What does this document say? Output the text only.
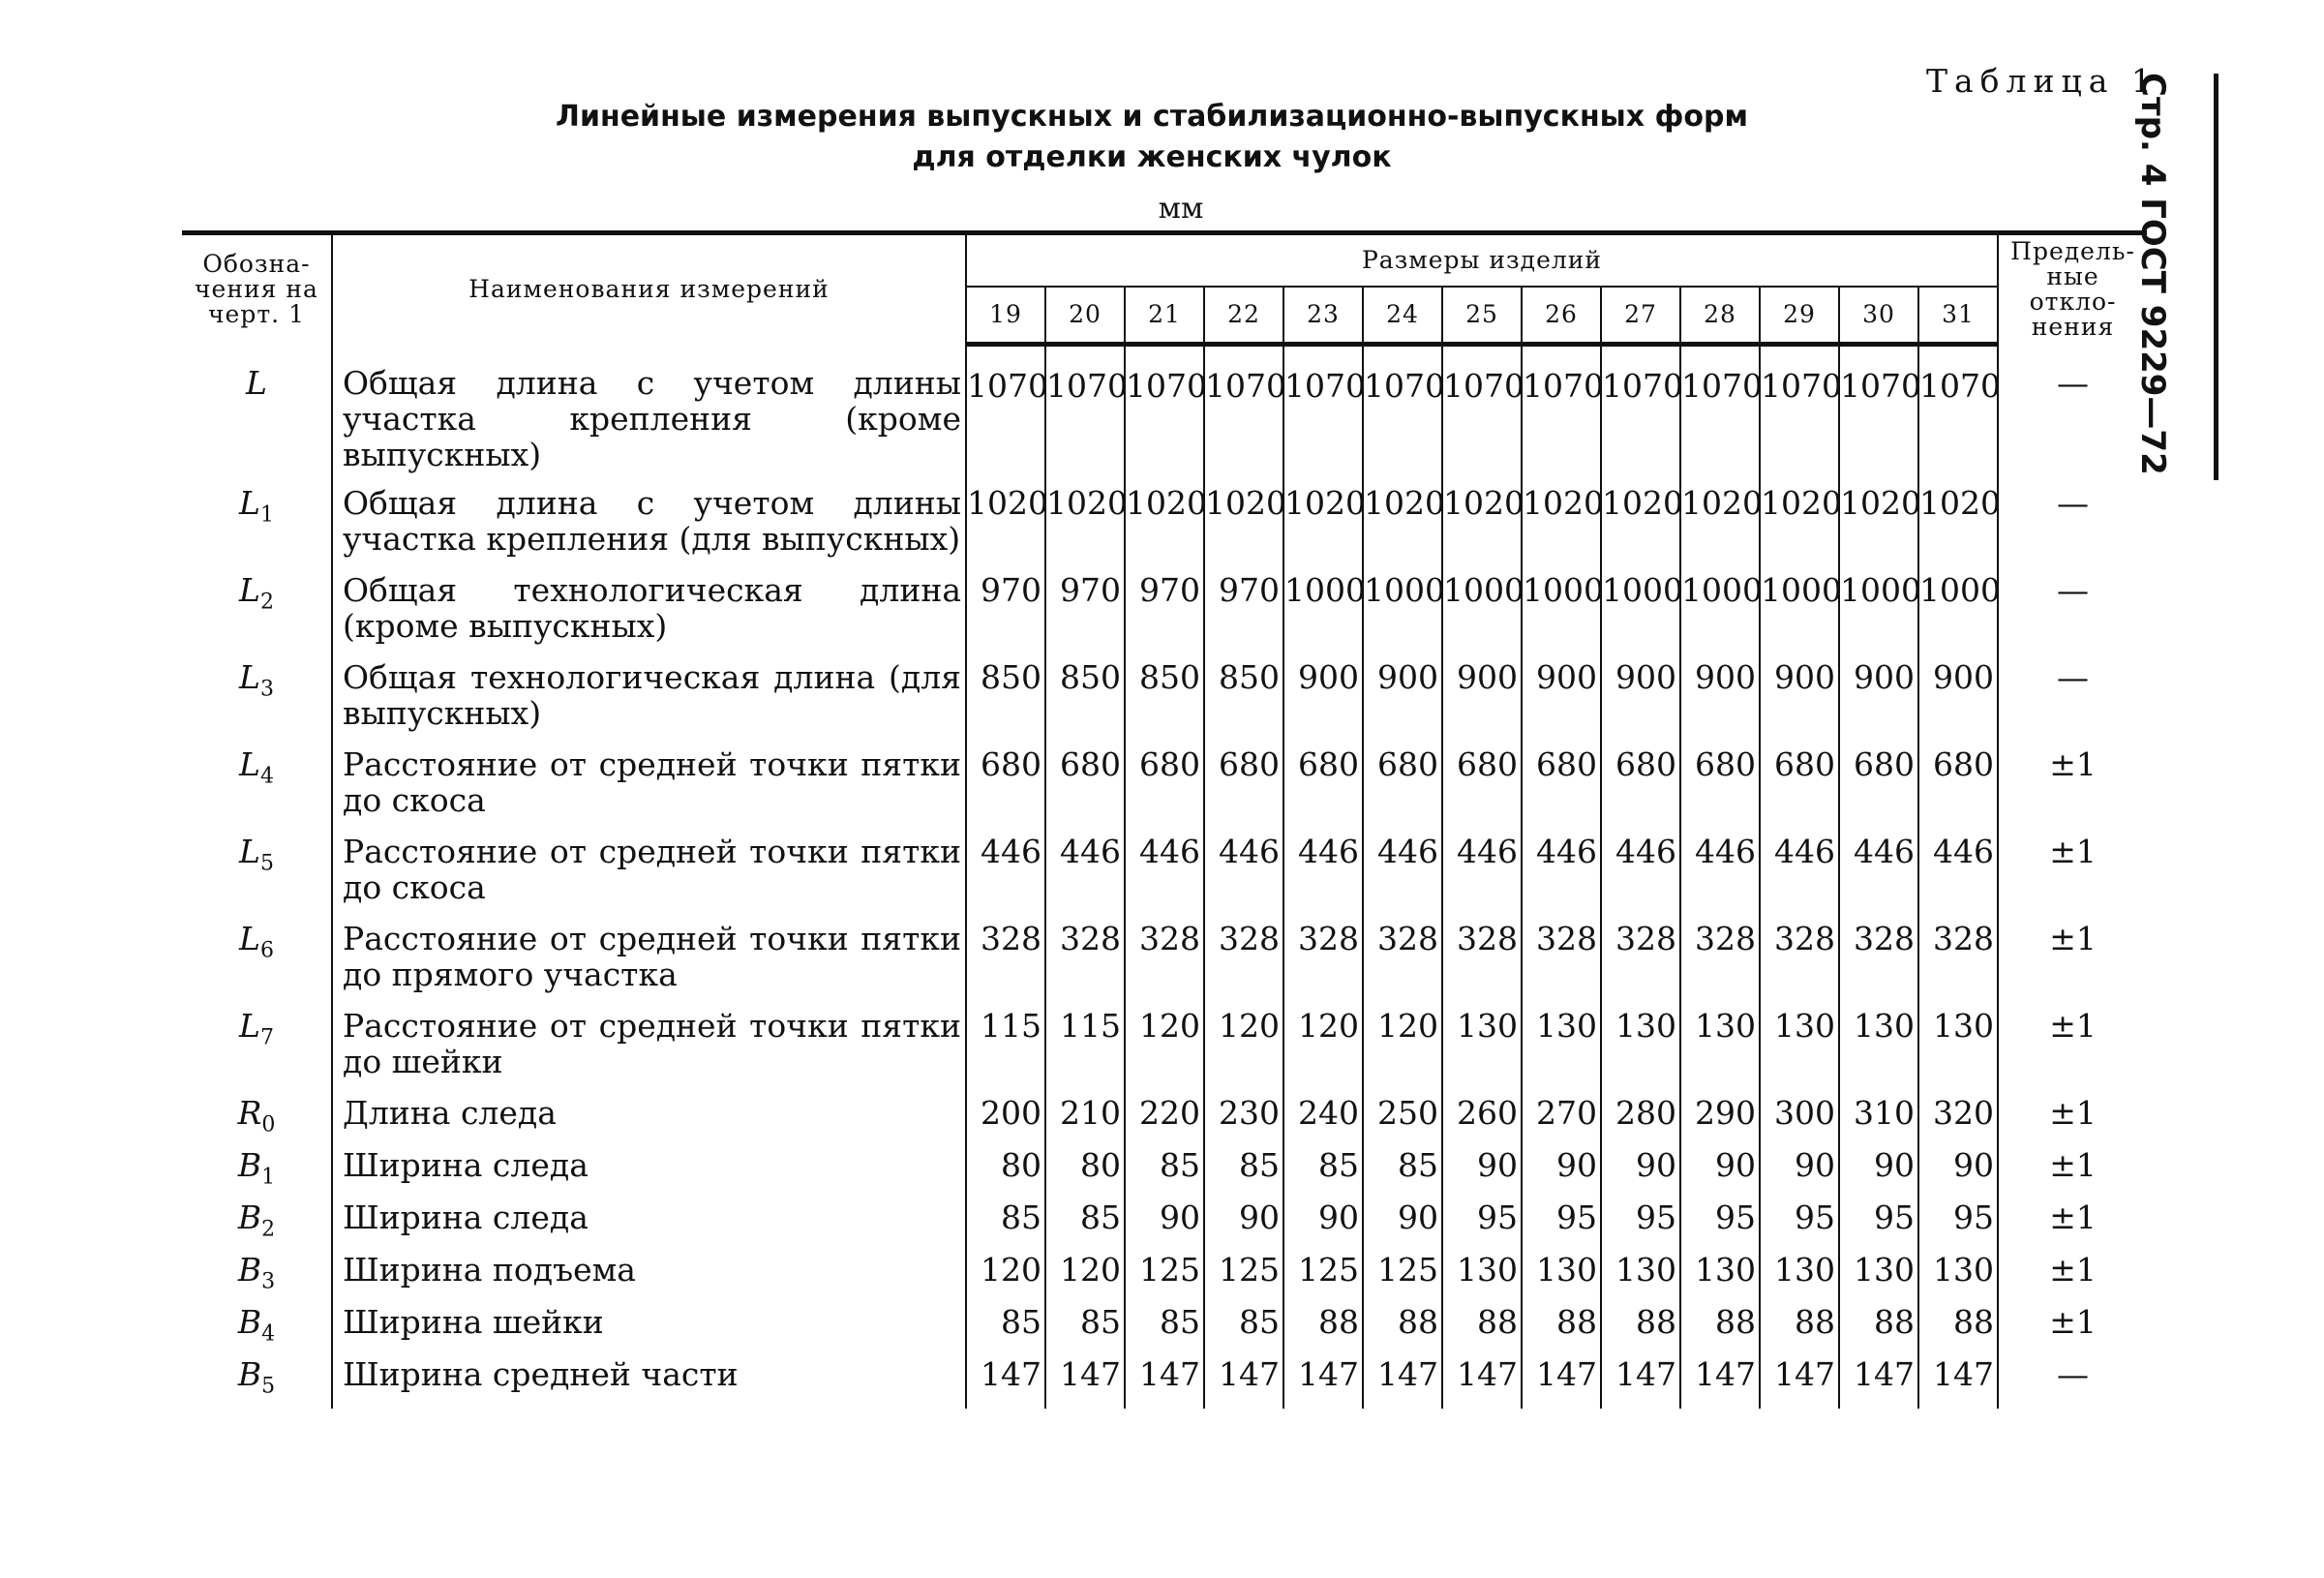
Таблица 1
Линейные измерения выпускных и стабилизационно-выпускных форм
для отделки женских чулок
мм	Стр. 4 ГОСТ 9229—72
Обозна-чения на черт. 1	Наименования измерений	Размеры изделий													Предель-ные откло-нения
		19	20	21	22	23	24	25	26	27	28	29	30	31	
L	Общая длина с учетом длины участка крепления (кроме выпускных)	1070	1070	1070	1070	1070	1070	1070	1070	1070	1070	1070	1070	1070	—
$L_1$	Общая длина с учетом длины участка крепления (для выпускных)	1020	1020	1020	1020	1020	1020	1020	1020	1020	1020	1020	1020	1020	—
$L_2$	Общая технологическая длина (кроме выпускных)	970	970	970	970	1000	1000	1000	1000	1000	1000	1000	1000	1000	—
$L_3$	Общая технологическая длина (для выпускных)	850	850	850	850	900	900	900	900	900	900	900	900	900	—
$L_4$	Расстояние от средней точки пятки до скоса	680	680	680	680	680	680	680	680	680	680	680	680	680	±1
$L_5$	Расстояние от средней точки пятки до скоса	446	446	446	446	446	446	446	446	446	446	446	446	446	±1
$L_6$	Расстояние от средней точки пятки до прямого участка	328	328	328	328	328	328	328	328	328	328	328	328	328	±1
$L_7$	Расстояние от средней точки пятки до шейки	115	115	120	120	120	120	130	130	130	130	130	130	130	±1
$R_0$	Длина следа	200	210	220	230	240	250	260	270	280	290	300	310	320	±1
$B_1$	Ширина следа	80	80	85	85	85	85	90	90	90	90	90	90	90	±1
$B_2$	Ширина следа	85	85	90	90	90	90	95	95	95	95	95	95	95	±1
$B_3$	Ширина подъема	120	120	125	125	125	125	130	130	130	130	130	130	130	±1
$B_4$	Ширина шейки	85	85	85	85	88	88	88	88	88	88	88	88	88	±1
$B_5$	Ширина средней части	147	147	147	147	147	147	147	147	147	147	147	147	147	—
